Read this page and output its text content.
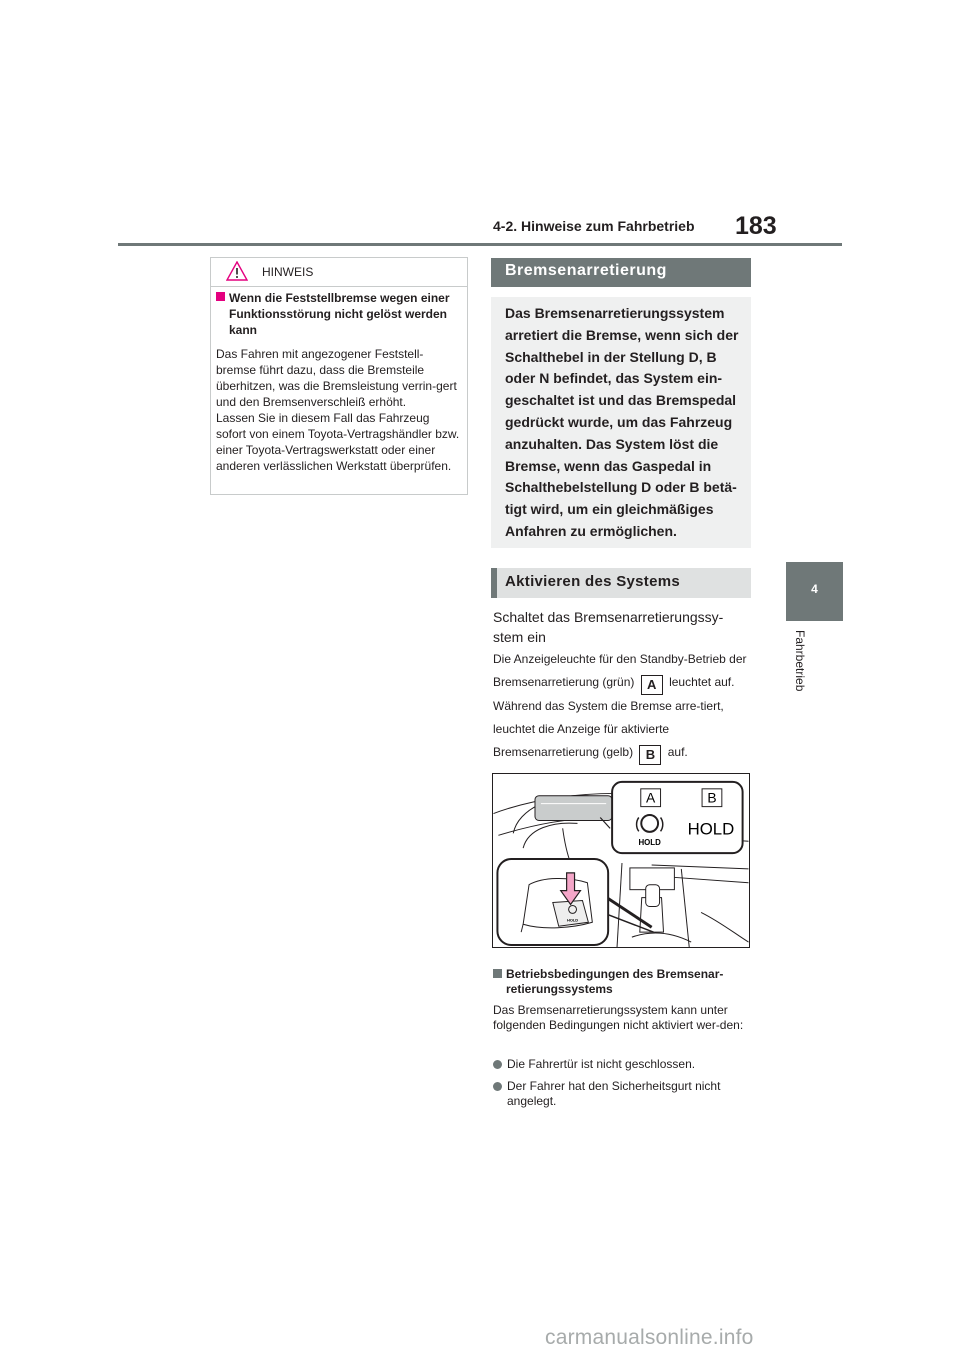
4-2. Hinweise zum Fahrbetrieb 183
4
Fahrbetrieb
HINWEIS
Wenn die Feststellbremse wegen einer Funktionsstörung nicht gelöst werden kann
Das Fahren mit angezogener Feststell-bremse führt dazu, dass die Bremsteile überhitzen, was die Bremsleistung verrin-gert und den Bremsenverschleiß erhöht.
Lassen Sie in diesem Fall das Fahrzeug sofort von einem Toyota-Vertragshändler bzw. einer Toyota-Vertragswerkstatt oder einer anderen verlässlichen Werkstatt überprüfen.
Bremsenarretierung
Das Bremsenarretierungssystem arretiert die Bremse, wenn sich der Schalthebel in der Stellung D, B oder N befindet, das System ein-geschaltet ist und das Bremspedal gedrückt wurde, um das Fahrzeug anzuhalten. Das System löst die Bremse, wenn das Gaspedal in Schalthebelstellung D oder B betä-tigt wird, um ein gleichmäßiges Anfahren zu ermöglichen.
Aktivieren des Systems
Schaltet das Bremsenarretierungssy-stem ein
Die Anzeigeleuchte für den Standby-Betrieb der Bremsenarretierung (grün) A leuchtet auf. Während das System die Bremse arre-tiert, leuchtet die Anzeige für aktivierte Bremsenarretierung (gelb) B auf.
HOLD
A	B
HOLD
HOLD
Betriebsbedingungen des Bremsenar-retierungssystems
Das Bremsenarretierungssystem kann unter folgenden Bedingungen nicht aktiviert wer-den:
Die Fahrertür ist nicht geschlossen.
Der Fahrer hat den Sicherheitsgurt nicht angelegt.
carmanualsonline.info
